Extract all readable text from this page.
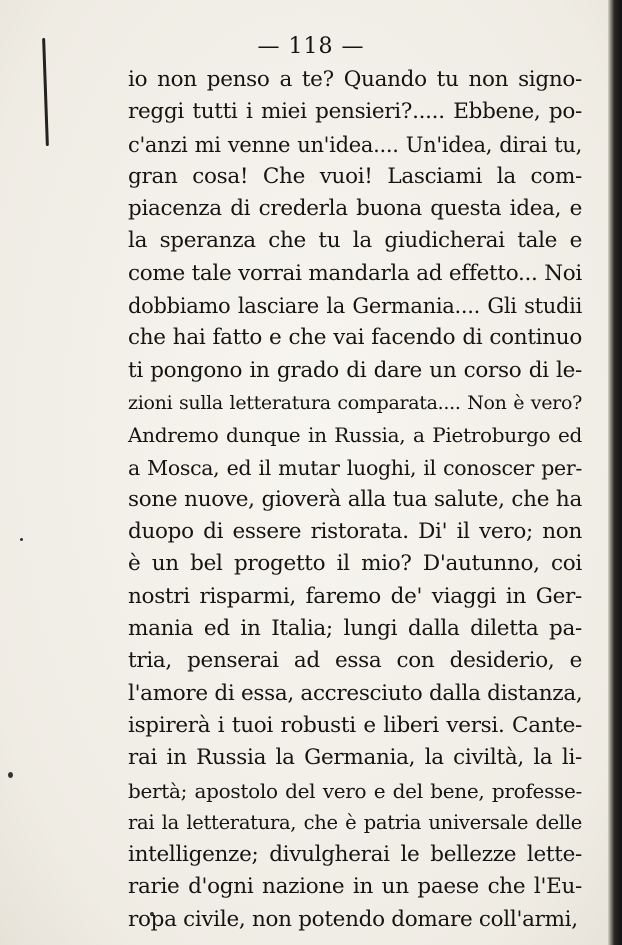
— 118 —
io non penso a te? Quando tu non signo-
reggi tutti i miei pensieri?..... Ebbene, po-
c'anzi mi venne un'idea.... Un'idea, dirai tu,
gran cosa! Che vuoi! Lasciami la com-
piacenza di crederla buona questa idea, e
la speranza che tu la giudicherai tale e
come tale vorrai mandarla ad effetto... Noi
dobbiamo lasciare la Germania.... Gli studii
che hai fatto e che vai facendo di continuo
ti pongono in grado di dare un corso di le-
zioni sulla letteratura comparata.... Non è vero?
Andremo dunque in Russia, a Pietroburgo ed
a Mosca, ed il mutar luoghi, il conoscer per-
sone nuove, gioverà alla tua salute, che ha
duopo di essere ristorata. Di' il vero; non
è un bel progetto il mio? D'autunno, coi
nostri risparmi, faremo de' viaggi in Ger-
mania ed in Italia; lungi dalla diletta pa-
tria, penserai ad essa con desiderio, e
l'amore di essa, accresciuto dalla distanza,
ispirerà i tuoi robusti e liberi versi. Cante-
rai in Russia la Germania, la civiltà, la li-
bertà; apostolo del vero e del bene, professe-
rai la letteratura, che è patria universale delle
intelligenze; divulgherai le bellezze lette-
rarie d'ogni nazione in un paese che l'Eu-
ropa civile, non potendo domare coll'armi,
